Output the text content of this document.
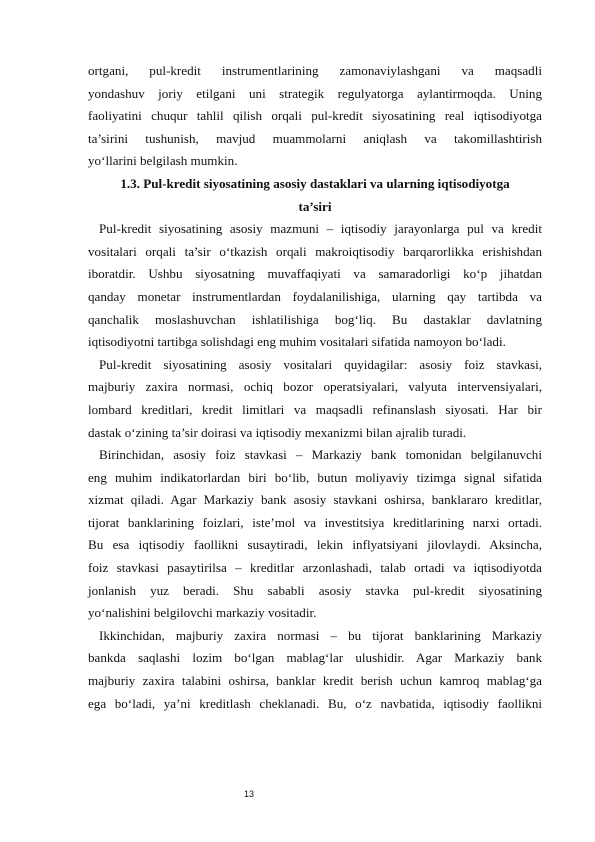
ortgani, pul-kredit instrumentlarining zamonaviylashgani va maqsadli
yondashuv joriy etilgani uni strategik regulyatorga aylantirmoqda. Uning
faoliyatini chuqur tahlil qilish orqali pul-kredit siyosatining real iqtisodiyotga
ta’sirini tushunish, mavjud muammolarni aniqlash va takomillashtirish
yo‘llarini belgilash mumkin.
1.3. Pul-kredit siyosatining asosiy dastaklari va ularning iqtisodiyotga
ta’siri
Pul-kredit siyosatining asosiy mazmuni – iqtisodiy jarayonlarga pul va kredit
vositalari orqali ta’sir o‘tkazish orqali makroiqtisodiy barqarorlikka erishishdan
iboratdir. Ushbu siyosatning muvaffaqiyati va samaradorligi ko‘p jihatdan
qanday monetar instrumentlardan foydalanilishiga, ularning qay tartibda va
qanchalik moslashuvchan ishlatilishiga bog‘liq. Bu dastaklar davlatning
iqtisodiyotni tartibga solishdagi eng muhim vositalari sifatida namoyon bo‘ladi.
Pul-kredit siyosatining asosiy vositalari quyidagilar: asosiy foiz stavkasi,
majburiy zaxira normasi, ochiq bozor operatsiyalari, valyuta intervensiyalari,
lombard kreditlari, kredit limitlari va maqsadli refinanslash siyosati. Har bir
dastak o‘zining ta’sir doirasi va iqtisodiy mexanizmi bilan ajralib turadi.
Birinchidan, asosiy foiz stavkasi – Markaziy bank tomonidan belgilanuvchi
eng muhim indikatorlardan biri bo‘lib, butun moliyaviy tizimga signal sifatida
xizmat qiladi. Agar Markaziy bank asosiy stavkani oshirsa, banklararo kreditlar,
tijorat banklarining foizlari, iste’mol va investitsiya kreditlarining narxi ortadi.
Bu esa iqtisodiy faollikni susaytiradi, lekin inflyatsiyani jilovlaydi. Aksincha,
foiz stavkasi pasaytirilsa – kreditlar arzonlashadi, talab ortadi va iqtisodiyotda
jonlanish yuz beradi. Shu sababli asosiy stavka pul-kredit siyosatining
yo‘nalishini belgilovchi markaziy vositadir.
Ikkinchidan, majburiy zaxira normasi – bu tijorat banklarining Markaziy
bankda saqlashi lozim bo‘lgan mablag‘lar ulushidir. Agar Markaziy bank
majburiy zaxira talabini oshirsa, banklar kredit berish uchun kamroq mablag‘ga
ega bo‘ladi, ya’ni kreditlash cheklanadi. Bu, o‘z navbatida, iqtisodiy faollikni
13
